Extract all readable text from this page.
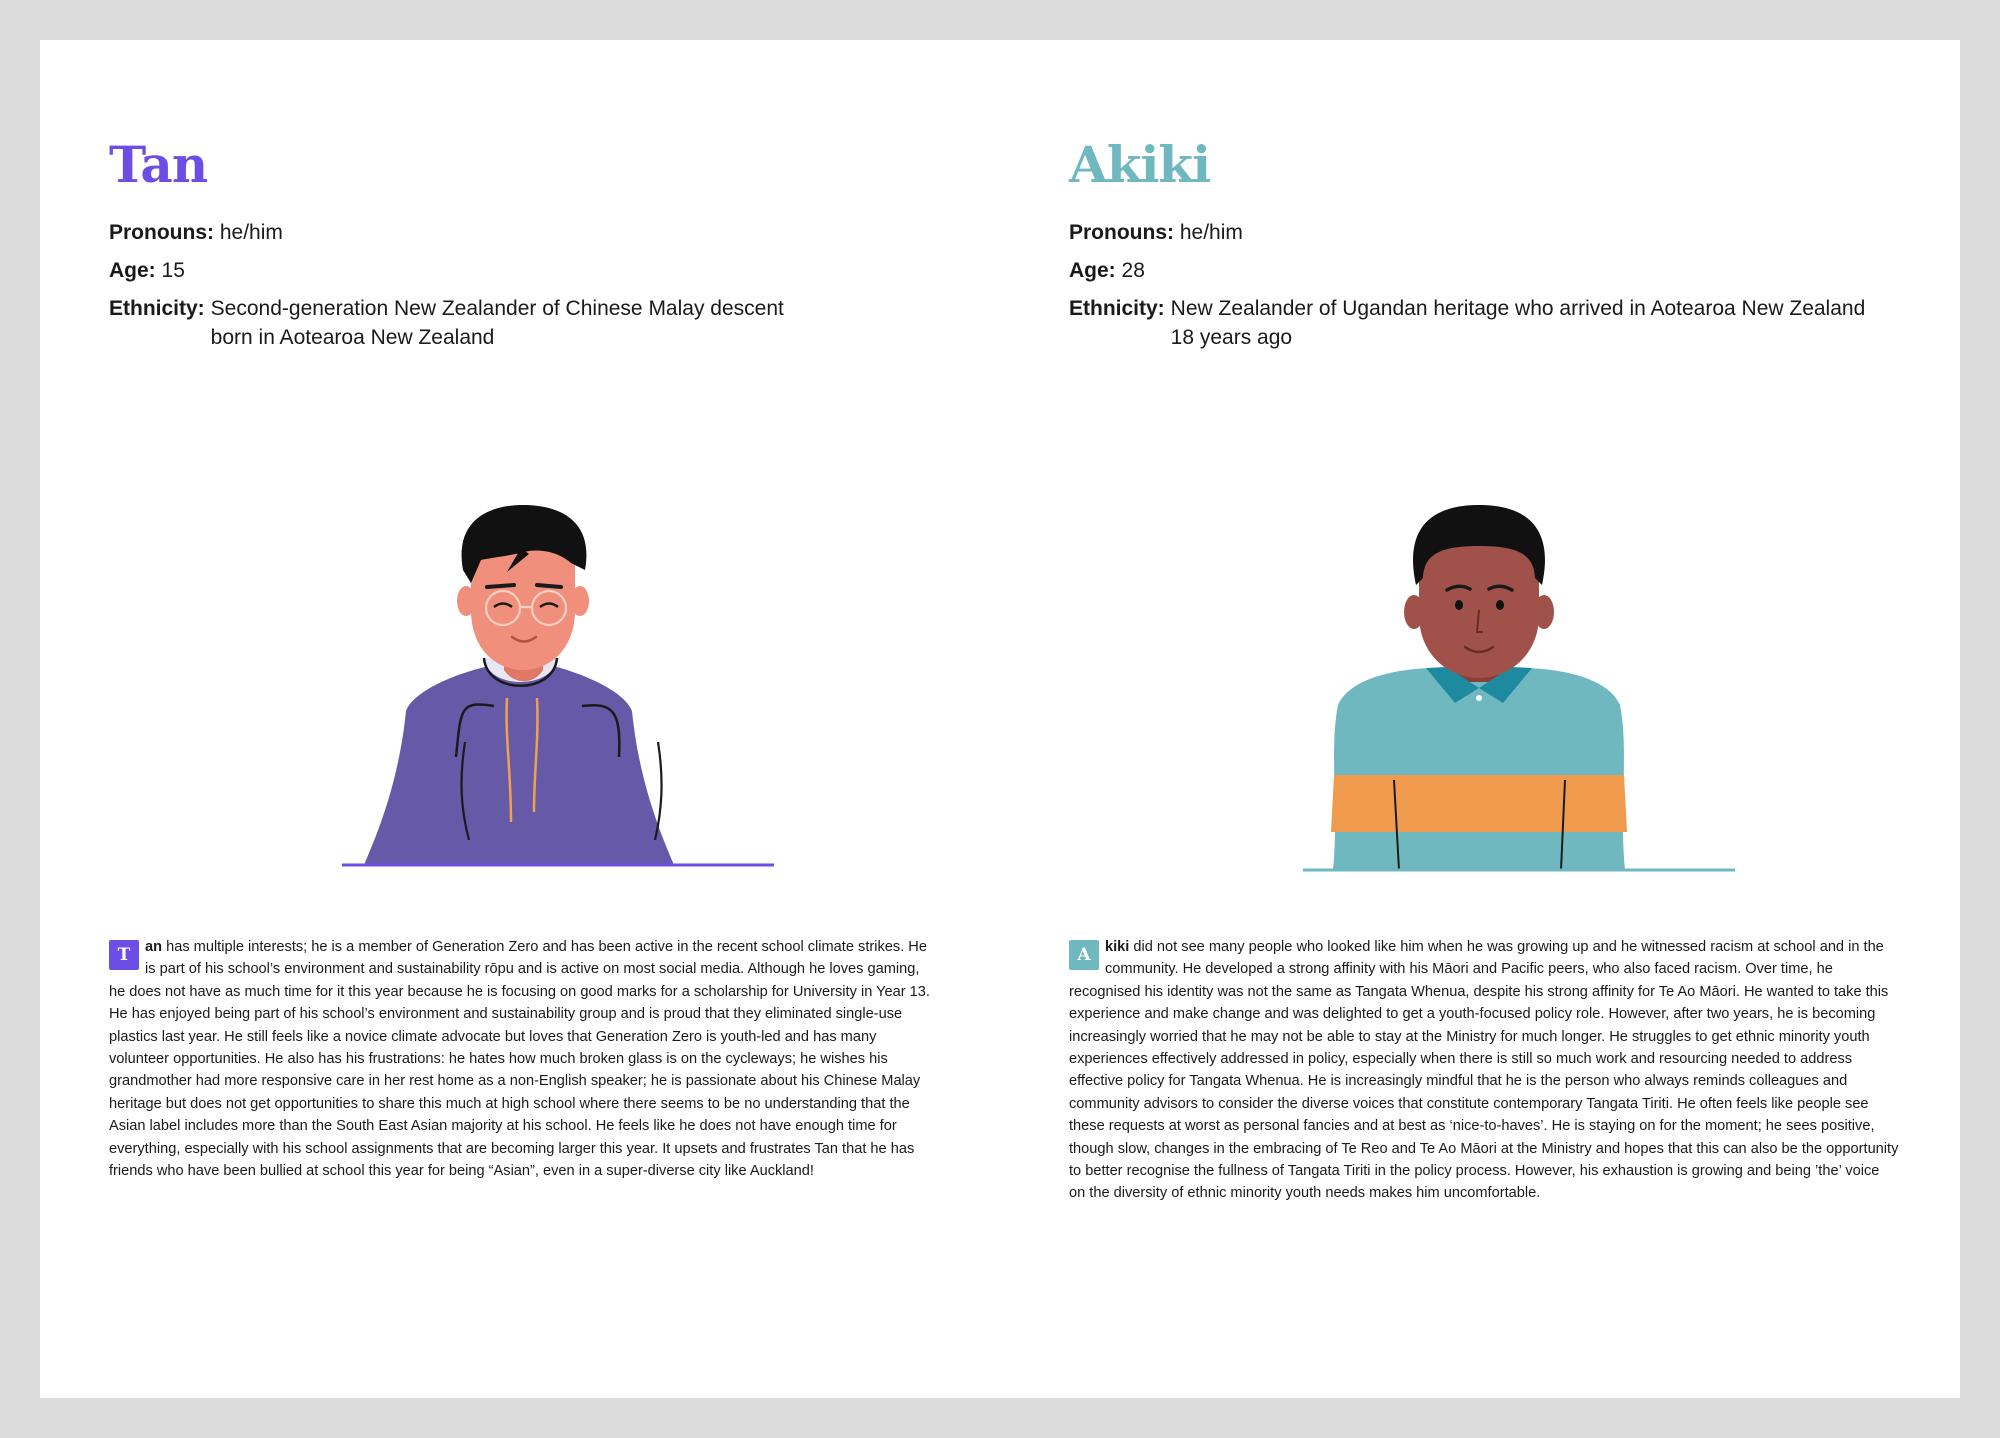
Tan

Pronouns: he/him

Age: 15

Ethnicity: Second-generation New Zealander of Chinese Malay descent born in Aotearoa New Zealand

T	an has multiple interests; he is a member of Generation Zero and has been active in the recent school climate strikes. He is part of his school’s environment and sustainability rōpu and is active on most social media. Although he loves gaming, he does not have as much time for it this year because he is focusing on good marks for a scholarship for University in Year 13. He has enjoyed being part of his school’s environment and sustainability group and is proud that they eliminated single-use plastics last year. He still feels like a novice climate advocate but loves that Generation Zero is youth-led and has many volunteer opportunities. He also has his frustrations: he hates how much broken glass is on the cycleways; he wishes his grandmother had more responsive care in her rest home as a non-English speaker; he is passionate about his Chinese Malay heritage but does not get opportunities to share this much at high school where there seems to be no understanding that the Asian label includes more than the South East Asian majority at his school. He feels like he does not have enough time for everything, especially with his school assignments that are becoming larger this year. It upsets and frustrates Tan that he has friends who have been bullied at school this year for being “Asian”, even in a super-diverse city like Auckland!
Akiki

Pronouns: he/him

Age: 28

Ethnicity: New Zealander of Ugandan heritage who arrived in Aotearoa New Zealand 18 years ago

A kiki did not see many people who looked like him when he was growing up and he witnessed racism at school and in the community. He developed a strong affinity with his Māori and Pacific peers, who also faced racism. Over time, he recognised his identity was not the same as Tangata Whenua, despite his strong affinity for Te Ao Māori. He wanted to take this experience and make change and was delighted to get a youth-focused policy role. However, after two years, he is becoming increasingly worried that he may not be able to stay at the Ministry for much longer. He struggles to get ethnic minority youth experiences effectively addressed in policy, especially when there is still so much work and resourcing needed to address effective policy for Tangata Whenua. He is increasingly mindful that he is the person who always reminds colleagues and community advisors to consider the diverse voices that constitute contemporary Tangata Tiriti. He often feels like people see these requests at worst as personal fancies and at best as ‘nice-to-haves’. He is staying on for the moment; he sees positive, though slow, changes in the embracing of Te Reo and Te Ao Māori at the Ministry and hopes that this can also be the opportunity to better recognise the fullness of Tangata Tiriti in the policy process. However, his exhaustion is growing and being ’the’ voice on the diversity of ethnic minority youth needs makes him uncomfortable.
